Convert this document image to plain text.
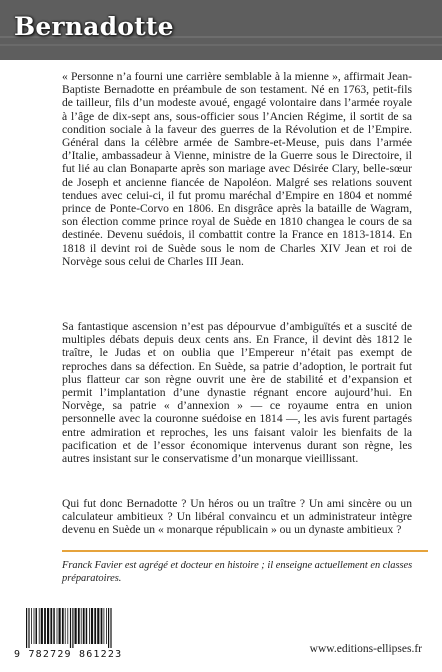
Bernadotte

« Personne n’a fourni une carrière semblable à la mienne », affirmait Jean-Baptiste Bernadotte en préambule de son testament. Né en 1763, petit-fils de tailleur, fils d’un modeste avoué, engagé volontaire dans l’armée royale à l’âge de dix-sept ans, sous-officier sous l’Ancien Régime, il sortit de sa condition sociale à la faveur des guerres de la Révolution et de l’Empire. Général dans la célèbre armée de Sambre-et-Meuse, puis dans l’armée d’Italie, ambassadeur à Vienne, ministre de la Guerre sous le Directoire, il fut lié au clan Bonaparte après son mariage avec Désirée Clary, belle-sœur de Joseph et ancienne fiancée de Napoléon. Malgré ses relations souvent tendues avec celui-ci, il fut promu maréchal d’Empire en 1804 et nommé prince de Ponte-Corvo en 1806. En disgrâce après la bataille de Wagram, son élection comme prince royal de Suède en 1810 changea le cours de sa destinée. Devenu suédois, il combattit contre la France en 1813-1814. En 1818 il devint roi de Suède sous le nom de Charles XIV Jean et roi de Norvège sous celui de Charles III Jean.

Sa fantastique ascension n’est pas dépourvue d’ambiguïtés et a suscité de multiples débats depuis deux cents ans. En France, il devint dès 1812 le traître, le Judas et on oublia que l’Empereur n’était pas exempt de reproches dans sa défection. En Suède, sa patrie d’adoption, le portrait fut plus flatteur car son règne ouvrit une ère de stabilité et d’expansion et permit l’implantation d’une dynastie régnant encore aujourd’hui. En Norvège, sa patrie « d’annexion » — ce royaume entra en union personnelle avec la couronne suédoise en 1814 —, les avis furent partagés entre admiration et reproches, les uns faisant valoir les bienfaits de la pacification et de l’essor économique intervenus durant son règne, les autres insistant sur le conservatisme d’un monarque vieillissant.

Qui fut donc Bernadotte ? Un héros ou un traître ? Un ami sincère ou un calculateur ambitieux ? Un libéral convaincu et un administrateur intègre devenu en Suède un « monarque républicain » ou un dynaste ambitieux ?

Franck Favier est agrégé et docteur en histoire ; il enseigne actuellement en classes préparatoires.
9 782729 861223	www.editions-ellipses.fr
